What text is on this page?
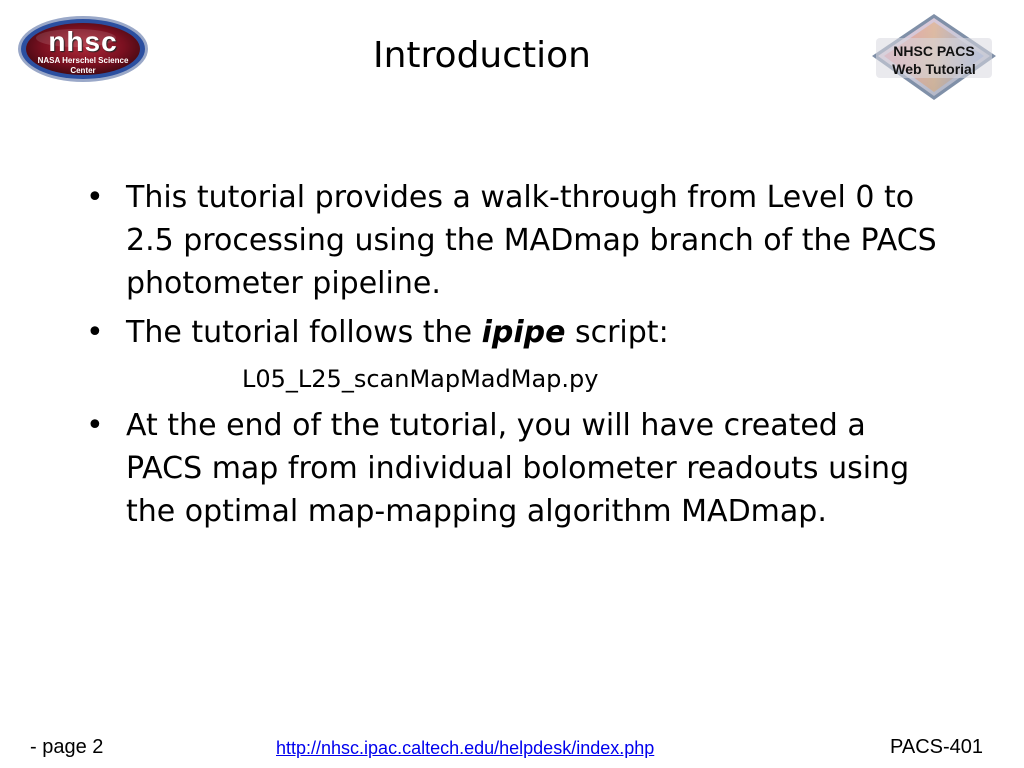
nhsc
NASA Herschel Science
Center	Introduction	NHSC PACS
Web Tutorial
• This tutorial provides a walk-through from Level 0 to 2.5 processing using the MADmap branch of the PACS photometer pipeline.
• The tutorial follows the ipipe script:
L05_L25_scanMapMadMap.py
• At the end of the tutorial, you will have created a PACS map from individual bolometer readouts using the optimal map-mapping algorithm MADmap.
- page 2	http://nhsc.ipac.caltech.edu/helpdesk/index.php	PACS-401
